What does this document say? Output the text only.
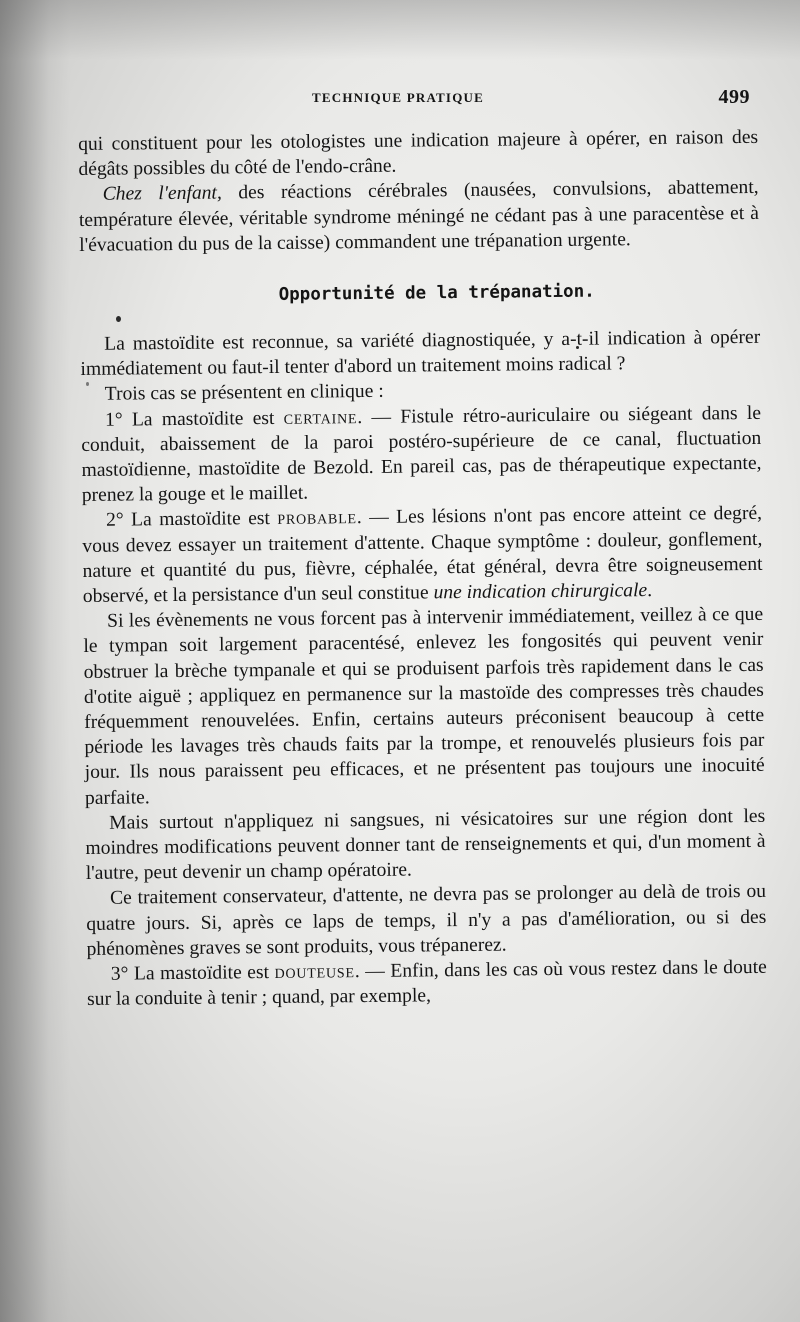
TECHNIQUE PRATIQUE	499

qui constituent pour les otologistes une indication majeure à opérer, en raison des dégâts possibles du côté de l'endo-crâne.

Chez l'enfant, des réactions cérébrales (nausées, convulsions, abattement, température élevée, véritable syndrome méningé ne cédant pas à une paracentèse et à l'évacuation du pus de la caisse) commandent une trépanation urgente.

Opportunité de la trépanation.

La mastoïdite est reconnue, sa variété diagnostiquée, y a-t-il indication à opérer immédiatement ou faut-il tenter d'abord un traitement moins radical ?

Trois cas se présentent en clinique :

1° La mastoïdite est certaine. — Fistule rétro-auriculaire ou siégeant dans le conduit, abaissement de la paroi postéro-supérieure de ce canal, fluctuation mastoïdienne, mastoïdite de Bezold. En pareil cas, pas de thérapeutique expectante, prenez la gouge et le maillet.

2° La mastoïdite est probable. — Les lésions n'ont pas encore atteint ce degré, vous devez essayer un traitement d'attente. Chaque symptôme : douleur, gonflement, nature et quantité du pus, fièvre, céphalée, état général, devra être soigneusement observé, et la persistance d'un seul constitue une indication chirurgicale.

Si les évènements ne vous forcent pas à intervenir immédiatement, veillez à ce que le tympan soit largement paracentésé, enlevez les fongosités qui peuvent venir obstruer la brèche tympanale et qui se produisent parfois très rapidement dans le cas d'otite aiguë ; appliquez en permanence sur la mastoïde des compresses très chaudes fréquemment renouvelées. Enfin, certains auteurs préconisent beaucoup à cette période les lavages très chauds faits par la trompe, et renouvelés plusieurs fois par jour. Ils nous paraissent peu efficaces, et ne présentent pas toujours une inocuité parfaite.

Mais surtout n'appliquez ni sangsues, ni vésicatoires sur une région dont les moindres modifications peuvent donner tant de renseignements et qui, d'un moment à l'autre, peut devenir un champ opératoire.

Ce traitement conservateur, d'attente, ne devra pas se prolonger au delà de trois ou quatre jours. Si, après ce laps de temps, il n'y a pas d'amélioration, ou si des phénomènes graves se sont produits, vous trépanerez.

3° La mastoïdite est douteuse. — Enfin, dans les cas où vous restez dans le doute sur la conduite à tenir ; quand, par exemple,
